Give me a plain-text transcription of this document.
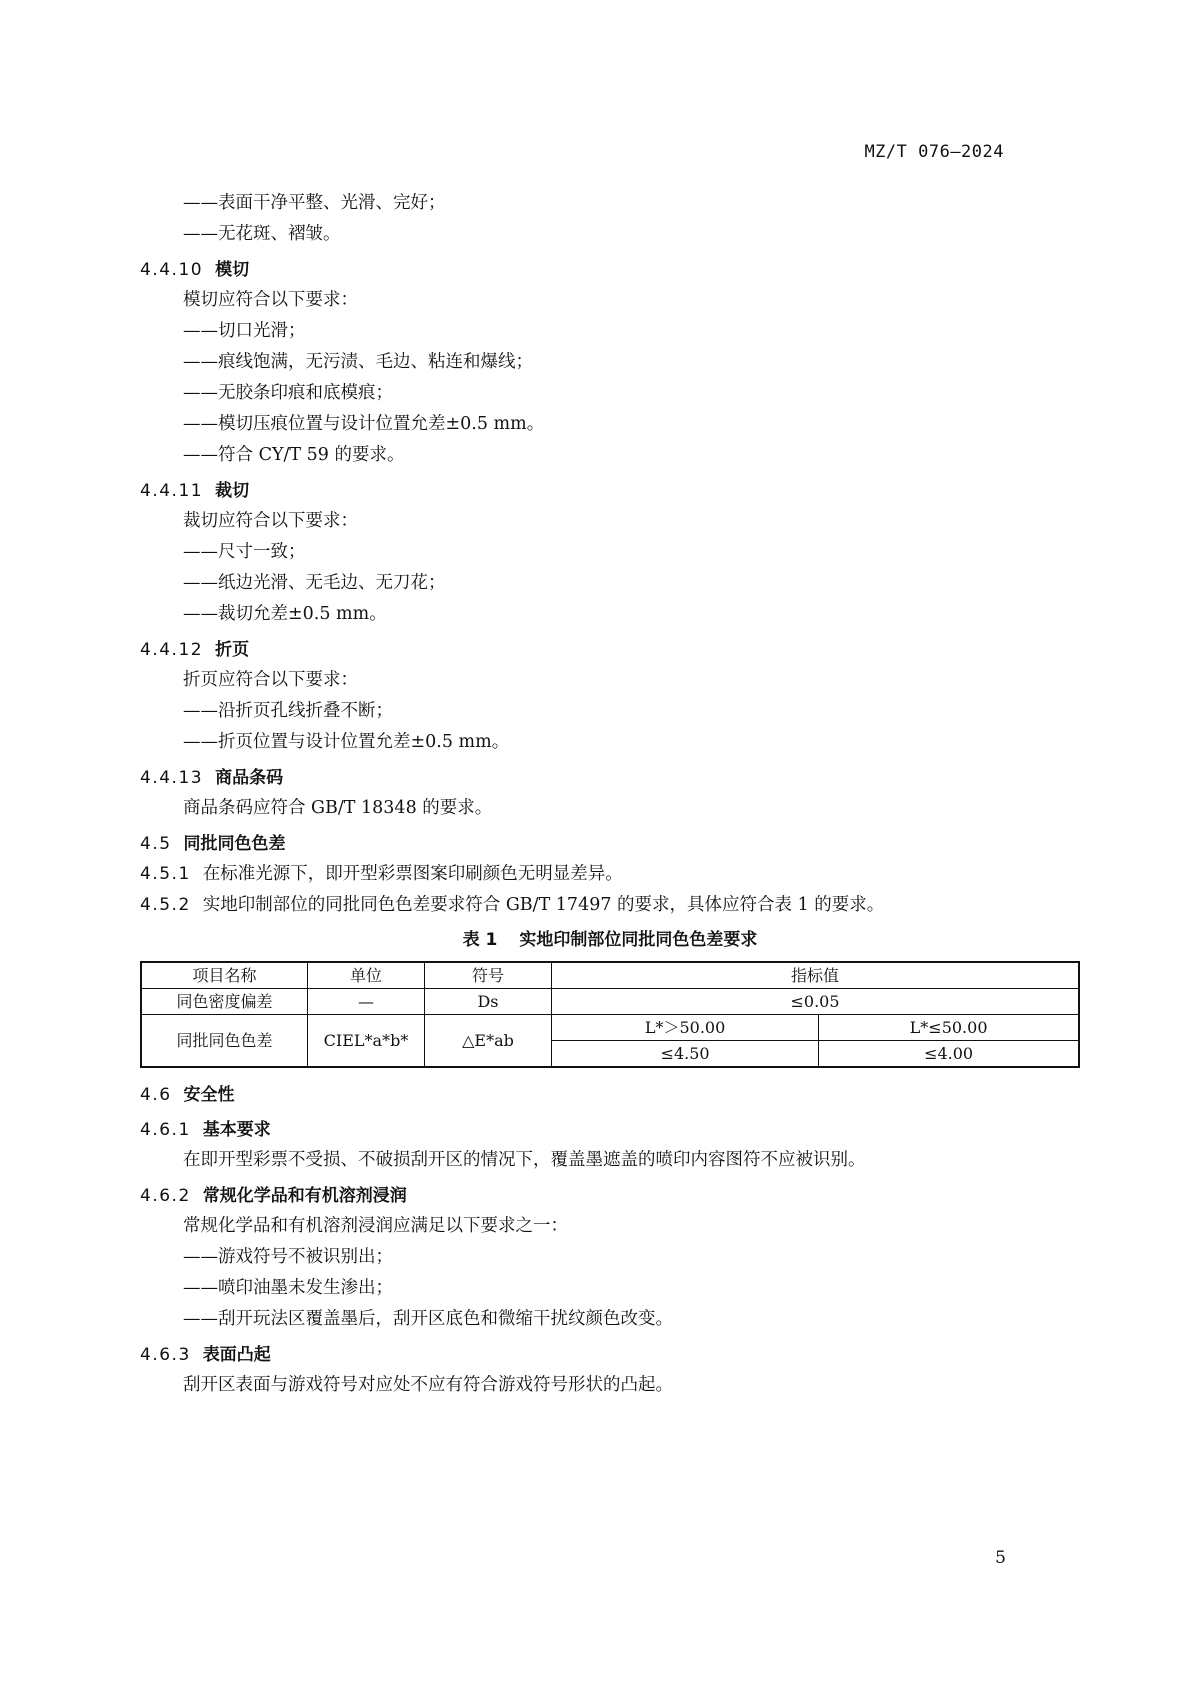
MZ/T 076—2024
——表面干净平整、光滑、完好；
——无花斑、褶皱。
4.4.10 模切
模切应符合以下要求：
——切口光滑；
——痕线饱满，无污渍、毛边、粘连和爆线；
——无胶条印痕和底模痕；
——模切压痕位置与设计位置允差±0.5 mm。
——符合 CY/T 59 的要求。
4.4.11 裁切
裁切应符合以下要求：
——尺寸一致；
——纸边光滑、无毛边、无刀花；
——裁切允差±0.5 mm。
4.4.12 折页
折页应符合以下要求：
——沿折页孔线折叠不断；
——折页位置与设计位置允差±0.5 mm。
4.4.13 商品条码
商品条码应符合 GB/T 18348 的要求。
4.5 同批同色色差
4.5.1 在标准光源下，即开型彩票图案印刷颜色无明显差异。
4.5.2 实地印制部位的同批同色色差要求符合 GB/T 17497 的要求，具体应符合表 1 的要求。
表 1 实地印制部位同批同色色差要求
项目名称	单位	符号	指标值	
同色密度偏差	—	Ds	≤0.05	
同批同色色差	CIEL*a*b*	△E*ab	L*＞50.00	L*≤50.00
			≤4.50	≤4.00
4.6 安全性
4.6.1 基本要求
在即开型彩票不受损、不破损刮开区的情况下，覆盖墨遮盖的喷印内容图符不应被识别。
4.6.2 常规化学品和有机溶剂浸润
常规化学品和有机溶剂浸润应满足以下要求之一：
——游戏符号不被识别出；
——喷印油墨未发生渗出；
——刮开玩法区覆盖墨后，刮开区底色和微缩干扰纹颜色改变。
4.6.3 表面凸起
刮开区表面与游戏符号对应处不应有符合游戏符号形状的凸起。
5
